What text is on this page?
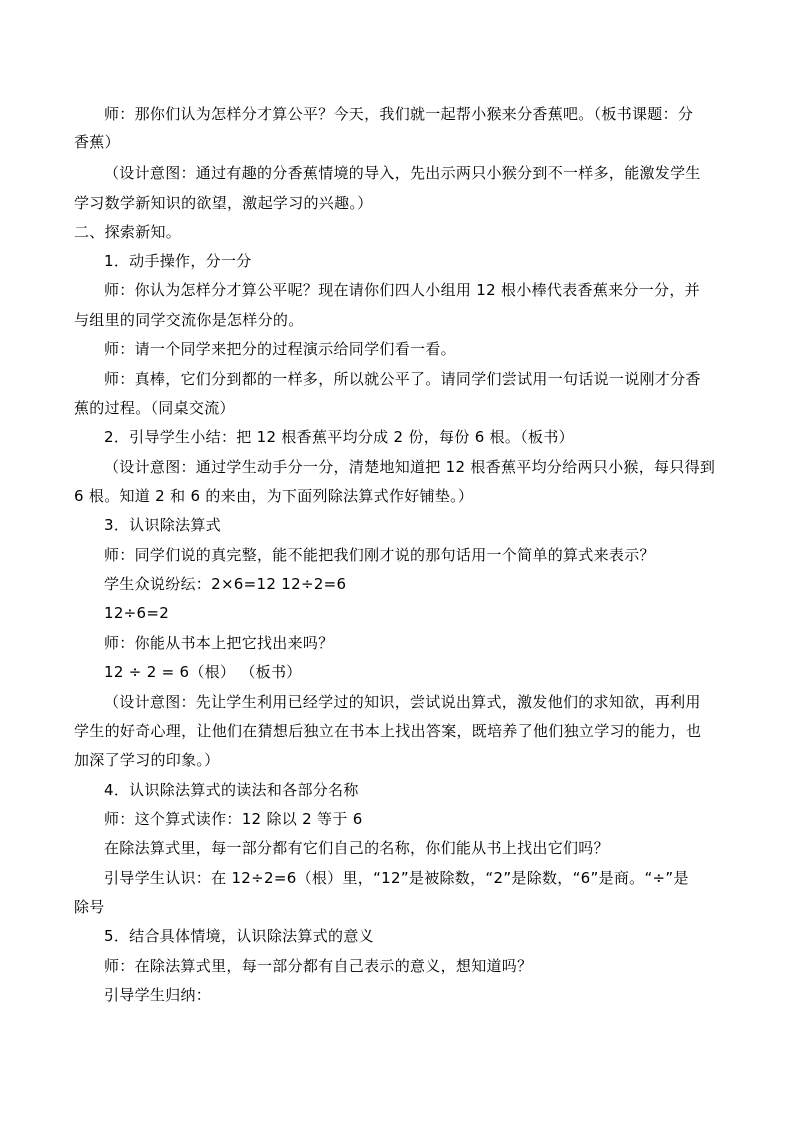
师：那你们认为怎样分才算公平？今天，我们就一起帮小猴来分香蕉吧。（板书课题：分
香蕉）
（设计意图：通过有趣的分香蕉情境的导入，先出示两只小猴分到不一样多，能激发学生
学习数学新知识的欲望，激起学习的兴趣。）
二、探索新知。
1．动手操作，分一分
师：你认为怎样分才算公平呢？现在请你们四人小组用 12 根小棒代表香蕉来分一分，并
与组里的同学交流你是怎样分的。
师：请一个同学来把分的过程演示给同学们看一看。
师：真棒，它们分到都的一样多，所以就公平了。请同学们尝试用一句话说一说刚才分香
蕉的过程。（同桌交流）
2．引导学生小结：把 12 根香蕉平均分成 2 份，每份 6 根。（板书）
（设计意图：通过学生动手分一分，清楚地知道把 12 根香蕉平均分给两只小猴，每只得到
6 根。知道 2 和 6 的来由，为下面列除法算式作好铺垫。）
3．认识除法算式
师：同学们说的真完整，能不能把我们刚才说的那句话用一个简单的算式来表示？
学生众说纷纭：2×6=12 12÷2=6
12÷6=2
师：你能从书本上把它找出来吗？
12 ÷ 2 = 6（根） （板书）
（设计意图：先让学生利用已经学过的知识，尝试说出算式，激发他们的求知欲，再利用
学生的好奇心理，让他们在猜想后独立在书本上找出答案，既培养了他们独立学习的能力，也
加深了学习的印象。）
4．认识除法算式的读法和各部分名称
师：这个算式读作：12 除以 2 等于 6
在除法算式里，每一部分都有它们自己的名称，你们能从书上找出它们吗？
引导学生认识：在 12÷2=6（根）里，“12”是被除数，“2”是除数，“6”是商。“÷”是
除号
5．结合具体情境，认识除法算式的意义
师：在除法算式里，每一部分都有自己表示的意义，想知道吗？
引导学生归纳：
